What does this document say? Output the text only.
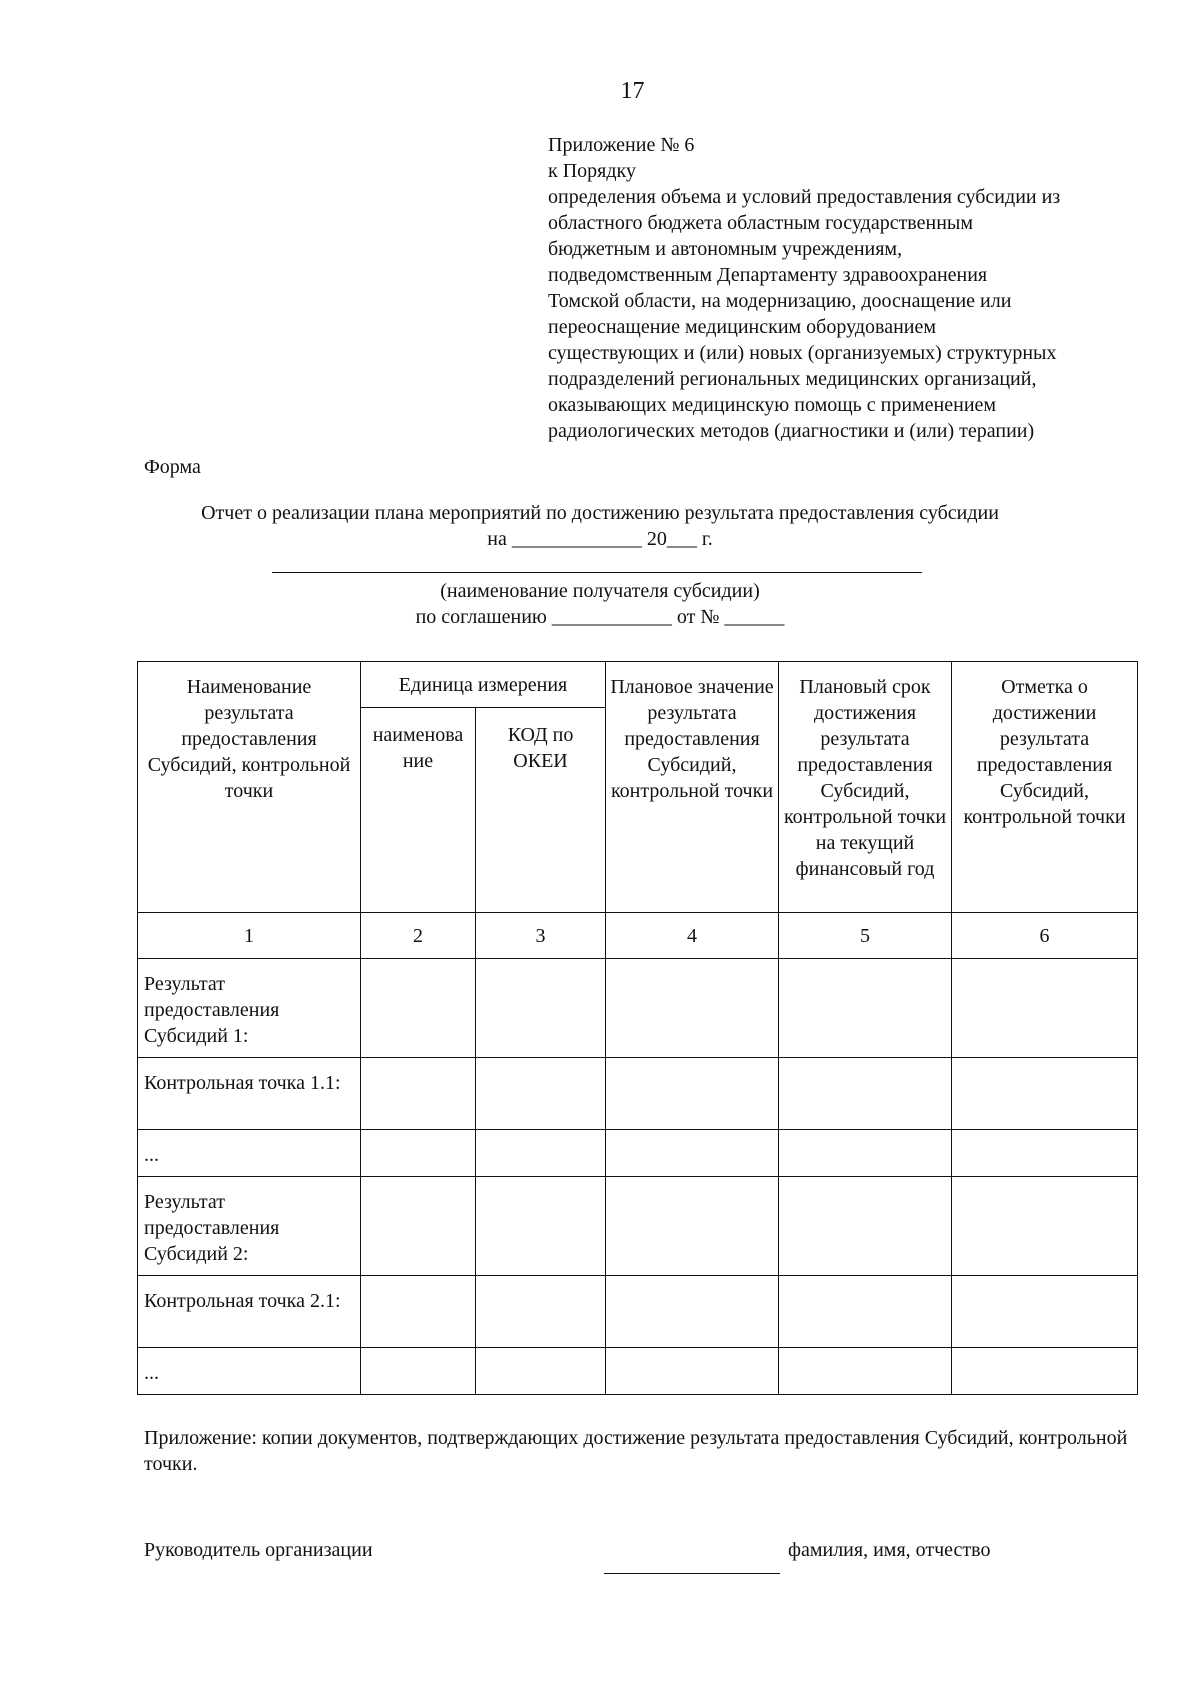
17
Приложение № 6
к Порядку
определения объема и условий предоставления субсидии из
областного бюджета областным государственным
бюджетным и автономным учреждениям,
подведомственным Департаменту здравоохранения
Томской области, на модернизацию, дооснащение или
переоснащение медицинским оборудованием
существующих и (или) новых (организуемых) структурных
подразделений региональных медицинских организаций,
оказывающих медицинскую помощь с применением
радиологических методов (диагностики и (или) терапии)
Форма
Отчет о реализации плана мероприятий по достижению результата предоставления субсидии
на _____________ 20___ г.
(наименование получателя субсидии)
по соглашению ____________ от № ______
Наименование результата предоставления Субсидий, контрольной точки	Единица измерения		Плановое значение результата предоставления Субсидий, контрольной точки	Плановый срок достижения результата предоставления Субсидий, контрольной точки на текущий финансовый год	Отметка о достижении результата предоставления Субсидий, контрольной точки
	наименова ние	КОД по ОКЕИ			
1	2	3	4	5	6
Результат предоставления Субсидий 1:					
Контрольная точка 1.1:					
...					
Результат предоставления Субсидий 2:					
Контрольная точка 2.1:					
...					
Приложение: копии документов, подтверждающих достижение результата предоставления Субсидий, контрольной точки.
Руководитель организации	фамилия, имя, отчество
